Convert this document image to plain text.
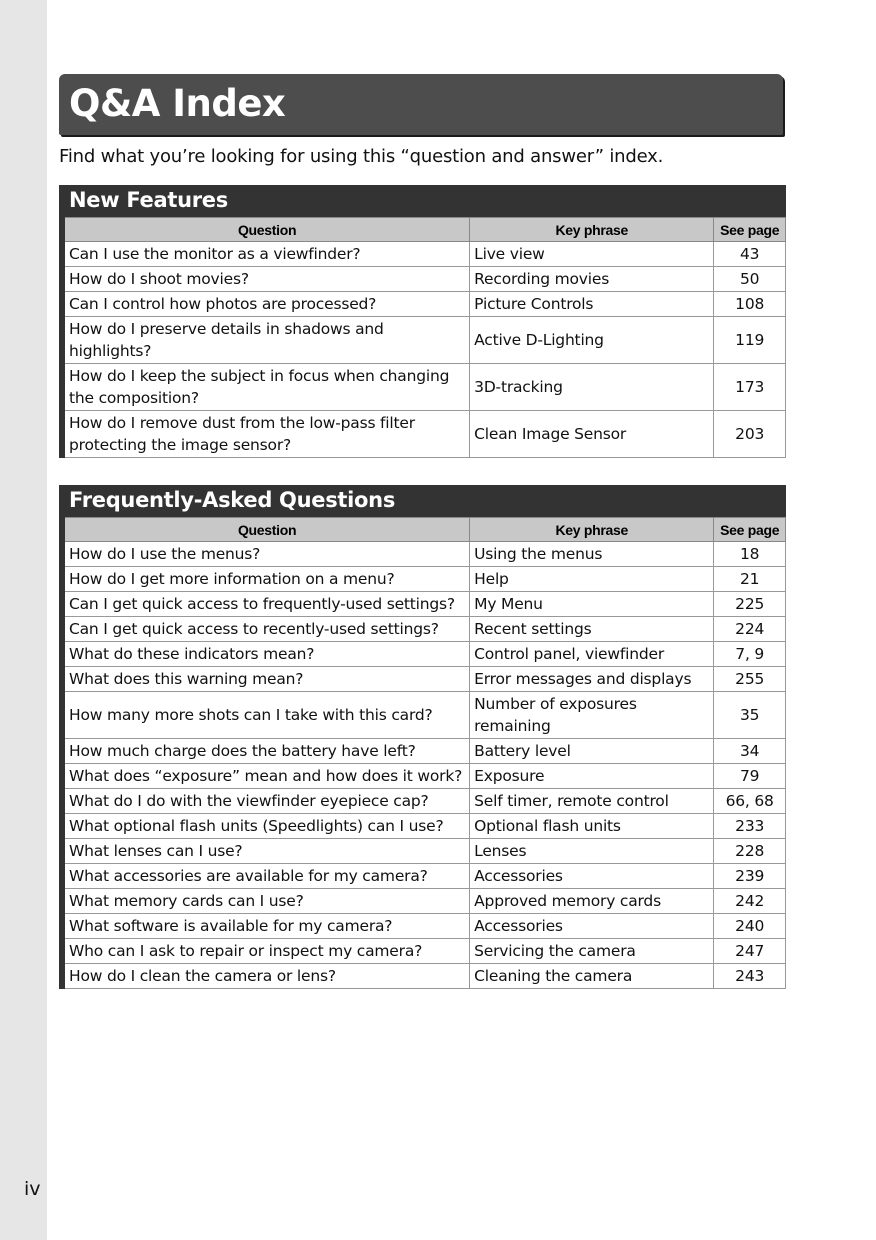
Q&A Index
Find what you’re looking for using this “question and answer” index.
New Features
Question	Key phrase	See page
Can I use the monitor as a viewfinder?	Live view	43
How do I shoot movies?	Recording movies	50
Can I control how photos are processed?	Picture Controls	108
How do I preserve details in shadows and highlights?	Active D-Lighting	119
How do I keep the subject in focus when changing the composition?	3D-tracking	173
How do I remove dust from the low-pass filter protecting the image sensor?	Clean Image Sensor	203
Frequently-Asked Questions
Question	Key phrase	See page
How do I use the menus?	Using the menus	18
How do I get more information on a menu?	Help	21
Can I get quick access to frequently-used settings?	My Menu	225
Can I get quick access to recently-used settings?	Recent settings	224
What do these indicators mean?	Control panel, viewfinder	7, 9
What does this warning mean?	Error messages and displays	255
How many more shots can I take with this card?	Number of exposures remaining	35
How much charge does the battery have left?	Battery level	34
What does “exposure” mean and how does it work?	Exposure	79
What do I do with the viewfinder eyepiece cap?	Self timer, remote control	66, 68
What optional flash units (Speedlights) can I use?	Optional flash units	233
What lenses can I use?	Lenses	228
What accessories are available for my camera?	Accessories	239
What memory cards can I use?	Approved memory cards	242
What software is available for my camera?	Accessories	240
Who can I ask to repair or inspect my camera?	Servicing the camera	247
How do I clean the camera or lens?	Cleaning the camera	243
iv
